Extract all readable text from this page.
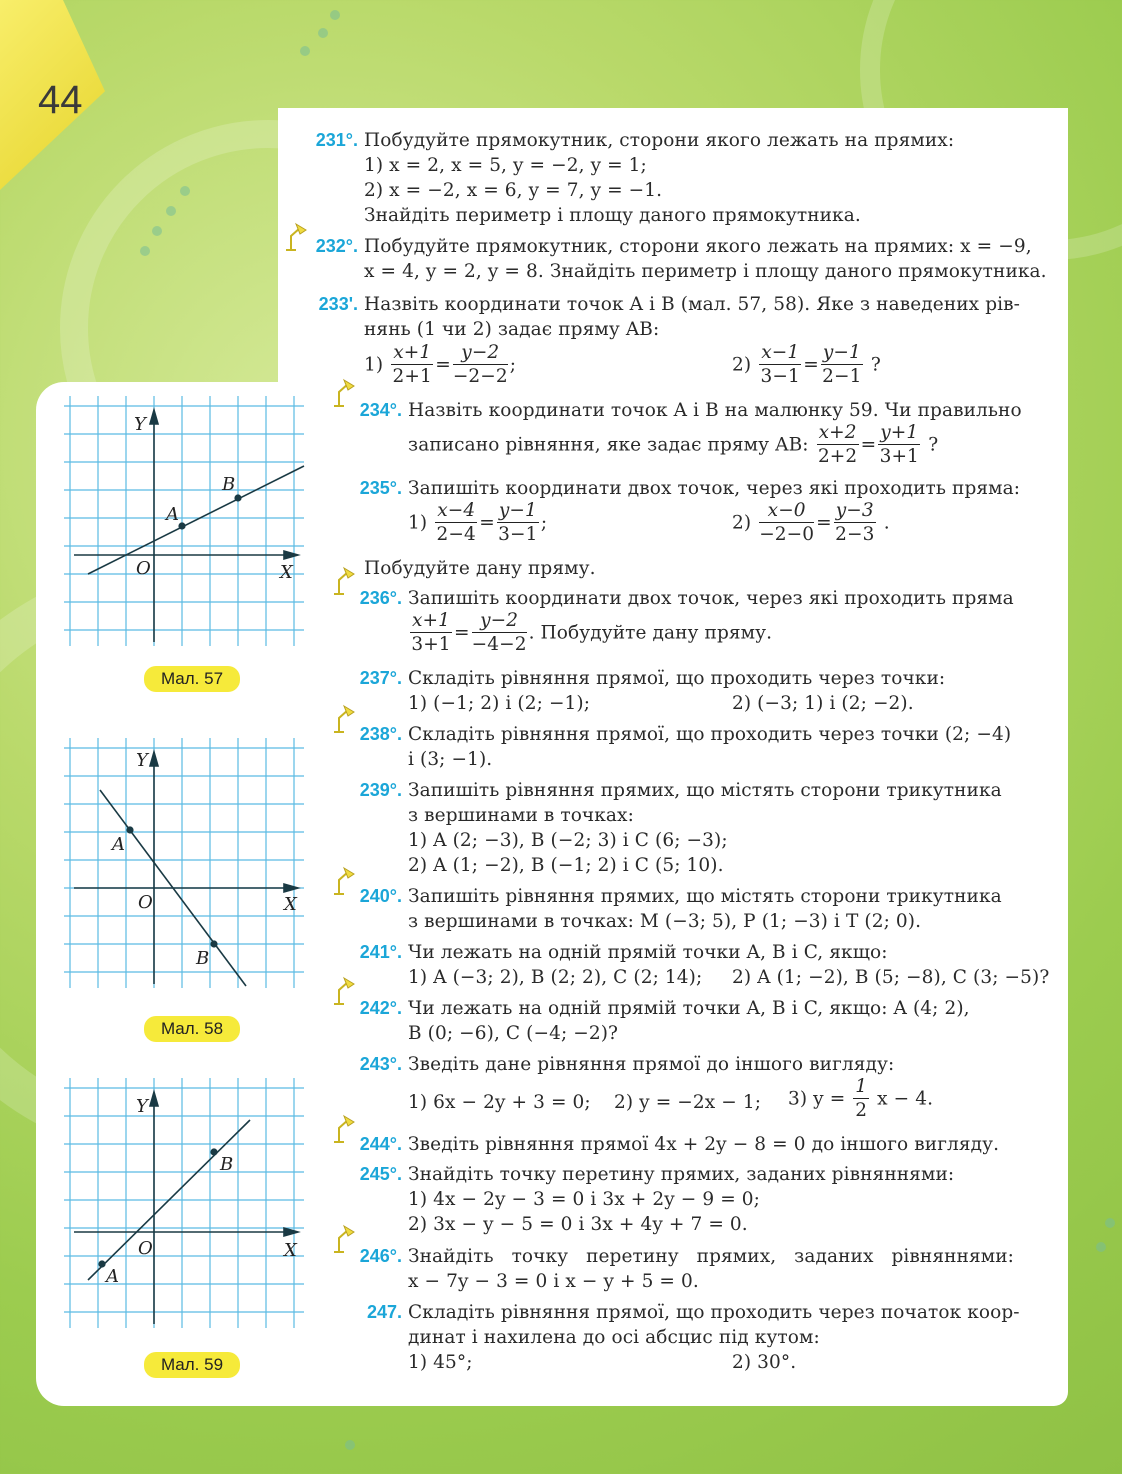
44
Y
X
O
A
B
Мал. 57
Y
X
O
A
B
Мал. 58
Y
X
O
A
B
Мал. 59
231°. Побудуйте прямокутник, сторони якого лежать на прямих:
1) x = 2, x = 5, y = −2, y = 1;
2) x = −2, x = 6, y = 7, y = −1.
Знайдіть периметр і площу даного прямокутника.
232°. Побудуйте прямокутник, сторони якого лежать на прямих: x = −9,
x = 4, y = 2, y = 8. Знайдіть периметр і площу даного прямокутника.
233'. Назвіть координати точок A і B (мал. 57, 58). Яке з наведених рів-
нянь (1 чи 2) задає пряму AB:
$1) \frac{x+1}{2+1} = \frac{y-2}{-2-2}$ ;	$2) \frac{x-1}{3-1} = \frac{y-1}{2-1}$ ?
234°. Назвіть координати точок A і B на малюнку 59. Чи правильно
записано рівняння, яке задає пряму AB: $\frac{x+2}{2+2} = \frac{y+1}{3+1}$ ?
235°. Запишіть координати двох точок, через які проходить пряма:
$1) \frac{x-4}{2-4} = \frac{y-1}{3-1}$ ;	$2) \frac{x-0}{-2-0} = \frac{y-3}{2-3}$ .
Побудуйте дану пряму.
236°. Запишіть координати двох точок, через які проходить пряма
$\frac{x+1}{3+1} = \frac{y-2}{-4-2}$ . Побудуйте дану пряму.
237°. Складіть рівняння прямої, що проходить через точки:
1) (−1; 2) і (2; −1);	2) (−3; 1) і (2; −2).
238°. Складіть рівняння прямої, що проходить через точки (2; −4)
і (3; −1).
239°. Запишіть рівняння прямих, що містять сторони трикутника
з вершинами в точках:
1) A (2; −3), B (−2; 3) і C (6; −3);
2) A (1; −2), B (−1; 2) і C (5; 10).
240°. Запишіть рівняння прямих, що містять сторони трикутника
з вершинами в точках: M (−3; 5), P (1; −3) і T (2; 0).
241°. Чи лежать на одній прямій точки A, B і C, якщо:
1) A (−3; 2), B (2; 2), C (2; 14); 2) A (1; −2), B (5; −8), C (3; −5)?
242°. Чи лежать на одній прямій точки A, B і C, якщо: A (4; 2),
B (0; −6), C (−4; −2)?
243°. Зведіть дане рівняння прямої до іншого вигляду:
1) 6x − 2y + 3 = 0; 2) y = −2x − 1; 3) $y = \frac{1}{2}$ x − 4.
244°. Зведіть рівняння прямої 4x + 2y − 8 = 0 до іншого вигляду.
245°. Знайдіть точку перетину прямих, заданих рівняннями:
1) 4x − 2y − 3 = 0 і 3x + 2y − 9 = 0;
2) 3x − y − 5 = 0 і 3x + 4y + 7 = 0.
246°. Знайдіть   точку   перетину   прямих,   заданих   рівняннями:
x − 7y − 3 = 0 і x − y + 5 = 0.
247. Складіть рівняння прямої, що проходить через початок коор-
динат і нахилена до осі абсцис під кутом:
1) 45°;	2) 30°.
